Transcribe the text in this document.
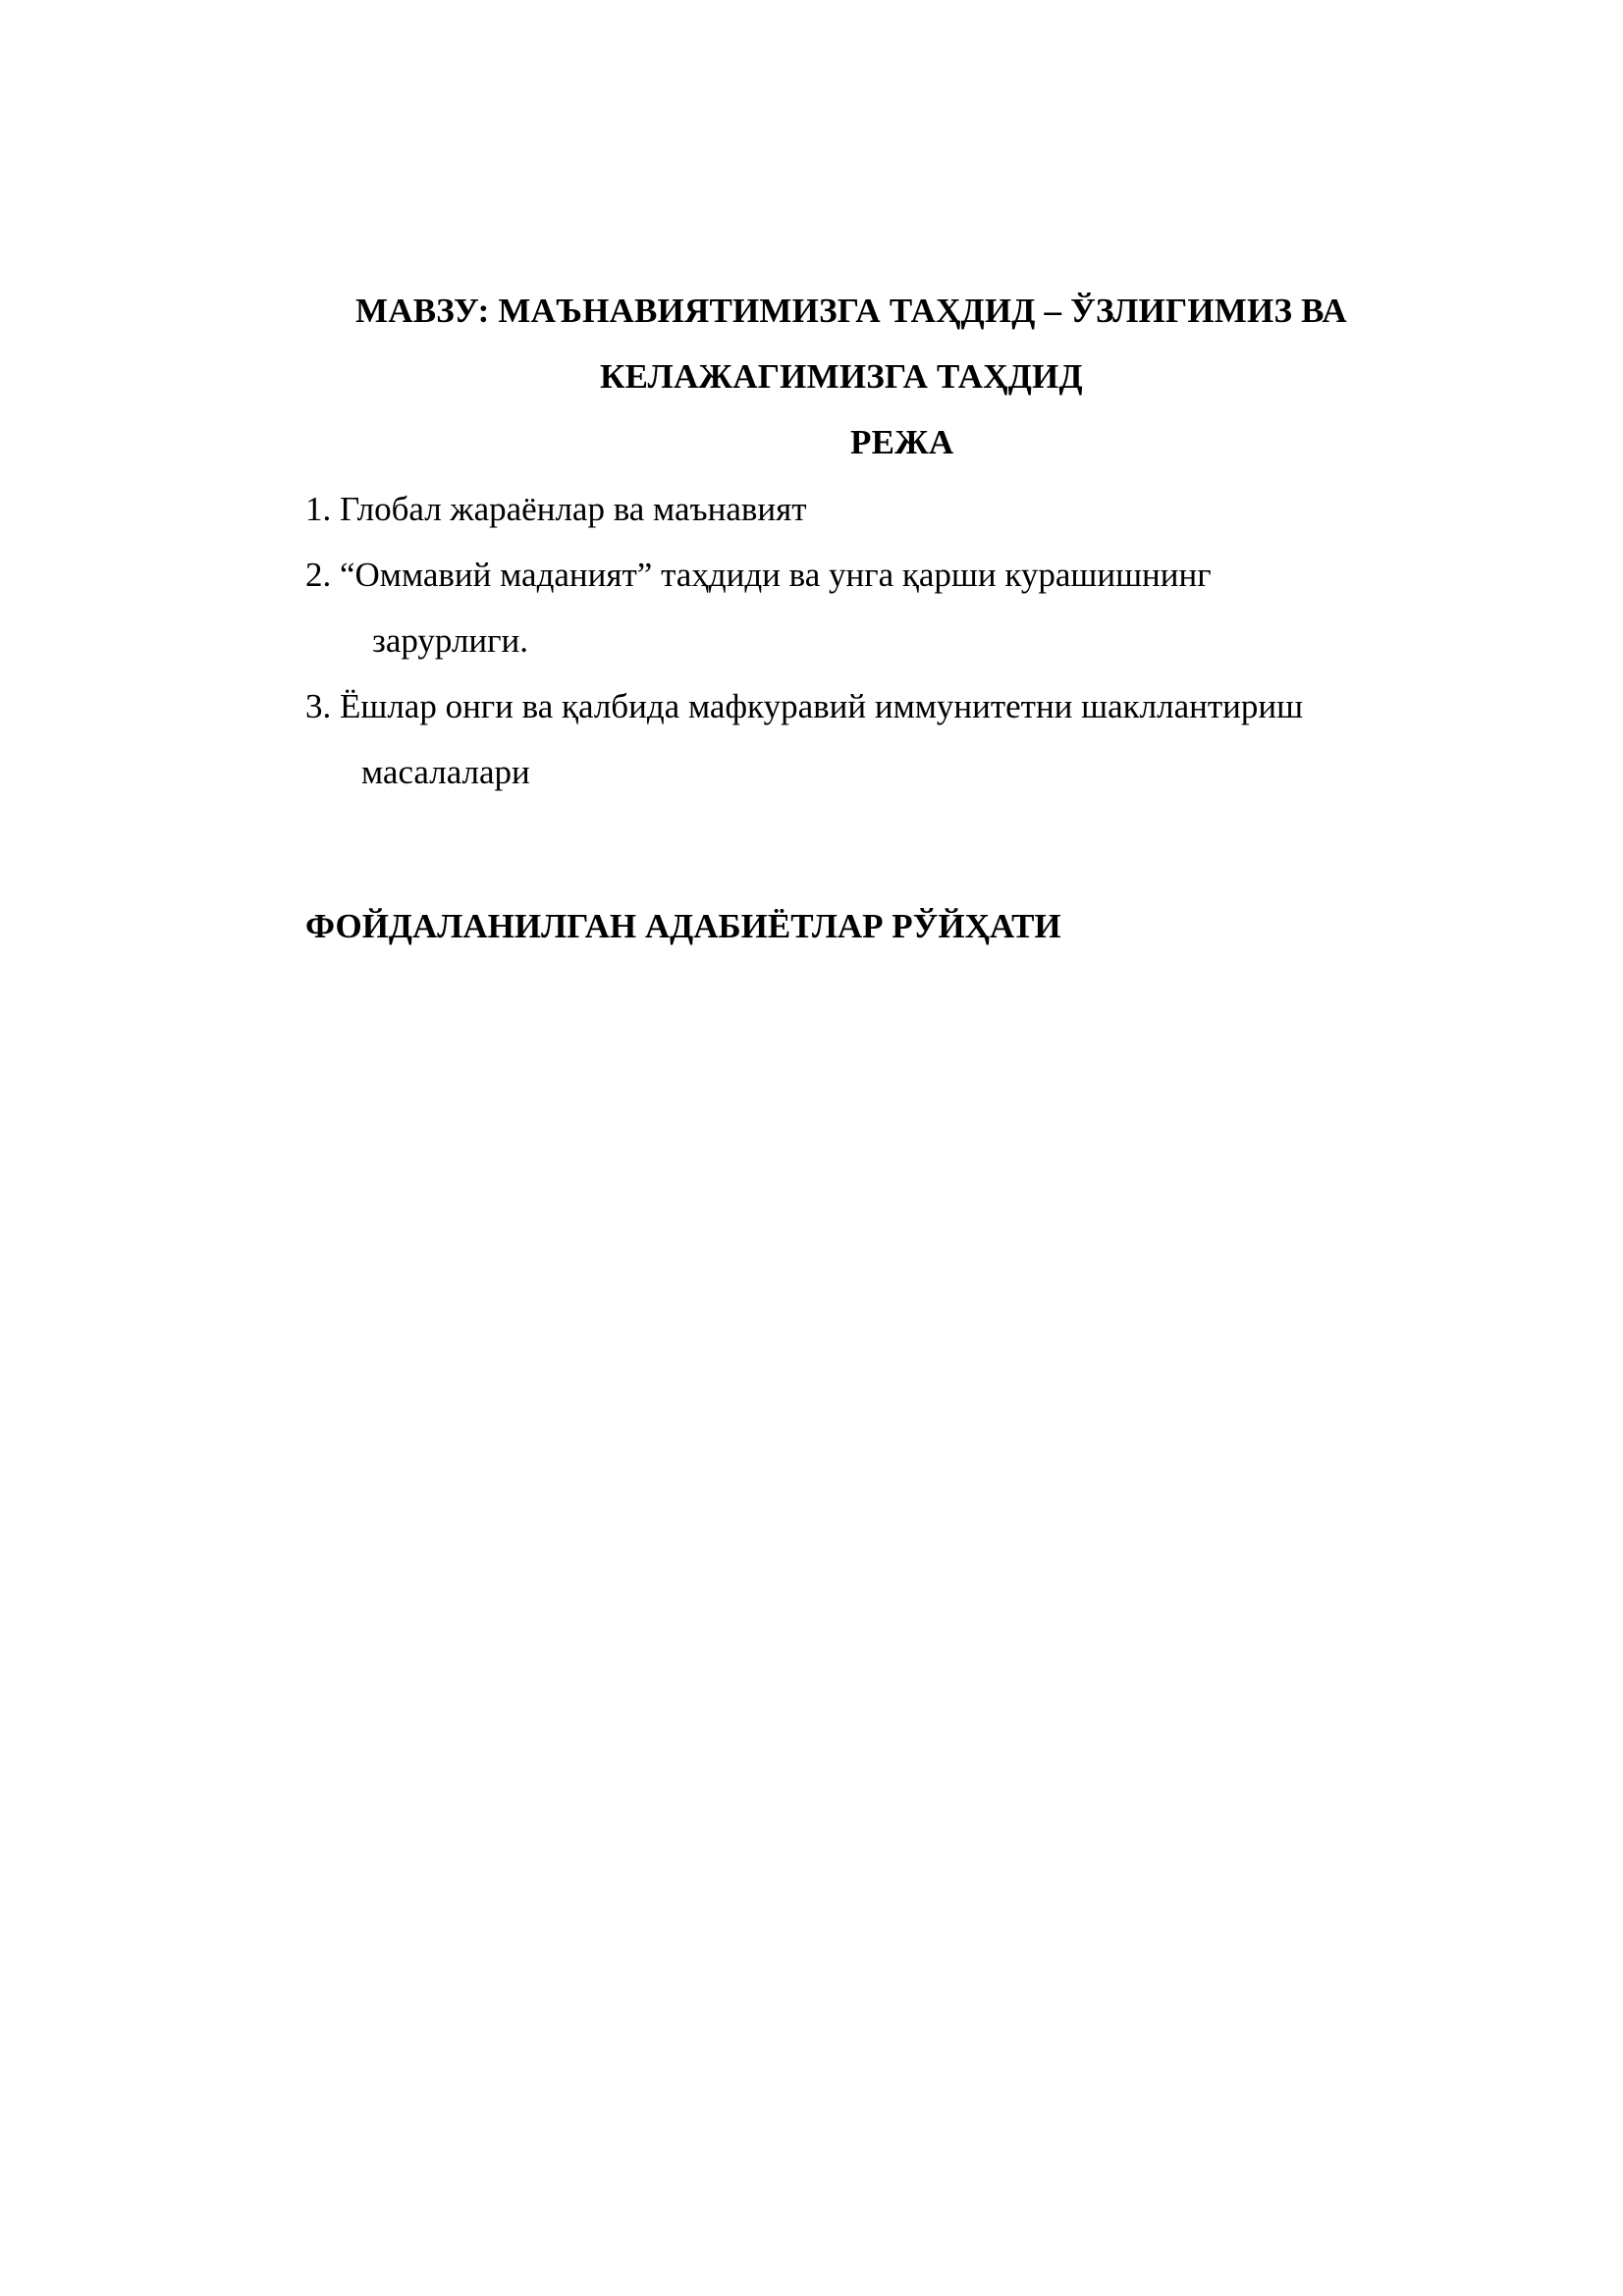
МАВЗУ: МАЪНАВИЯТИМИЗГА ТАҲДИД – ЎЗЛИГИМИЗ ВА
КЕЛАЖАГИМИЗГА ТАҲДИД
РЕЖА
1. Глобал жараёнлар ва маънавият
2. “Оммавий маданият” таҳдиди ва унга қарши курашишнинг
зарурлиги.
3. Ёшлар онги ва қалбида мафкуравий иммунитетни шакллантириш
масалалари
ФОЙДАЛАНИЛГАН АДАБИЁТЛАР РЎЙҲАТИ
